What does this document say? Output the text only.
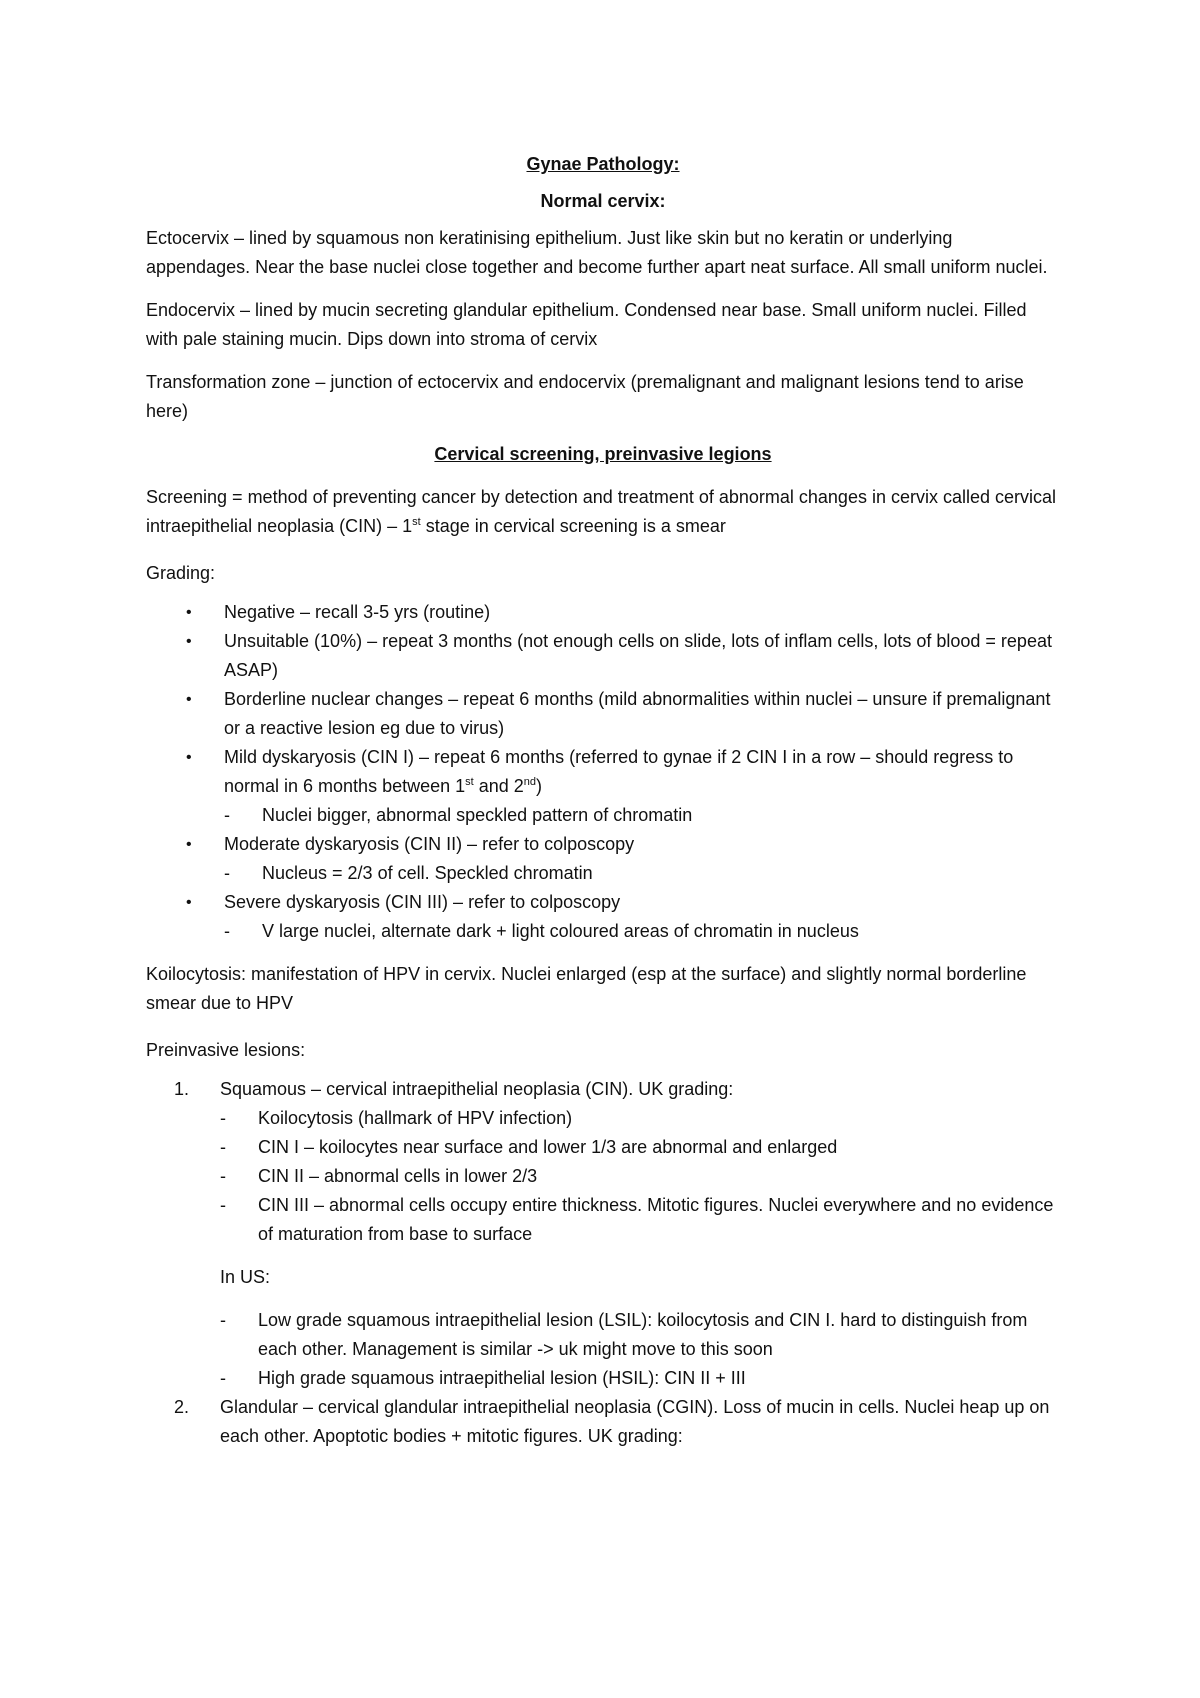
Gynae Pathology:

Normal cervix:

Ectocervix – lined by squamous non keratinising epithelium. Just like skin but no keratin or underlying appendages. Near the base nuclei close together and become further apart neat surface. All small uniform nuclei.

Endocervix – lined by mucin secreting glandular epithelium. Condensed near base. Small uniform nuclei. Filled with pale staining mucin. Dips down into stroma of cervix

Transformation zone – junction of ectocervix and endocervix (premalignant and malignant lesions tend to arise here)

Cervical screening, preinvasive legions

Screening = method of preventing cancer by detection and treatment of abnormal changes in cervix called cervical intraepithelial neoplasia (CIN) – 1st stage in cervical screening is a smear

Grading:

• Negative – recall 3-5 yrs (routine)
• Unsuitable (10%) – repeat 3 months (not enough cells on slide, lots of inflam cells, lots of blood = repeat ASAP)
• Borderline nuclear changes – repeat 6 months (mild abnormalities within nuclei – unsure if premalignant or a reactive lesion eg due to virus)
• Mild dyskaryosis (CIN I) – repeat 6 months (referred to gynae if 2 CIN I in a row – should regress to normal in 6 months between 1st and 2nd)
- Nuclei bigger, abnormal speckled pattern of chromatin
• Moderate dyskaryosis (CIN II) – refer to colposcopy
- Nucleus = 2/3 of cell. Speckled chromatin
• Severe dyskaryosis (CIN III) – refer to colposcopy
- V large nuclei, alternate dark + light coloured areas of chromatin in nucleus

Koilocytosis: manifestation of HPV in cervix. Nuclei enlarged (esp at the surface) and slightly normal borderline smear due to HPV

Preinvasive lesions:

1. Squamous – cervical intraepithelial neoplasia (CIN). UK grading:
- Koilocytosis (hallmark of HPV infection)
- CIN I – koilocytes near surface and lower 1/3 are abnormal and enlarged
- CIN II – abnormal cells in lower 2/3
- CIN III – abnormal cells occupy entire thickness. Mitotic figures. Nuclei everywhere and no evidence of maturation from base to surface

In US:

- Low grade squamous intraepithelial lesion (LSIL): koilocytosis and CIN I. hard to distinguish from each other. Management is similar -> uk might move to this soon
- High grade squamous intraepithelial lesion (HSIL): CIN II + III
2. Glandular – cervical glandular intraepithelial neoplasia (CGIN). Loss of mucin in cells. Nuclei heap up on each other. Apoptotic bodies + mitotic figures. UK grading:
